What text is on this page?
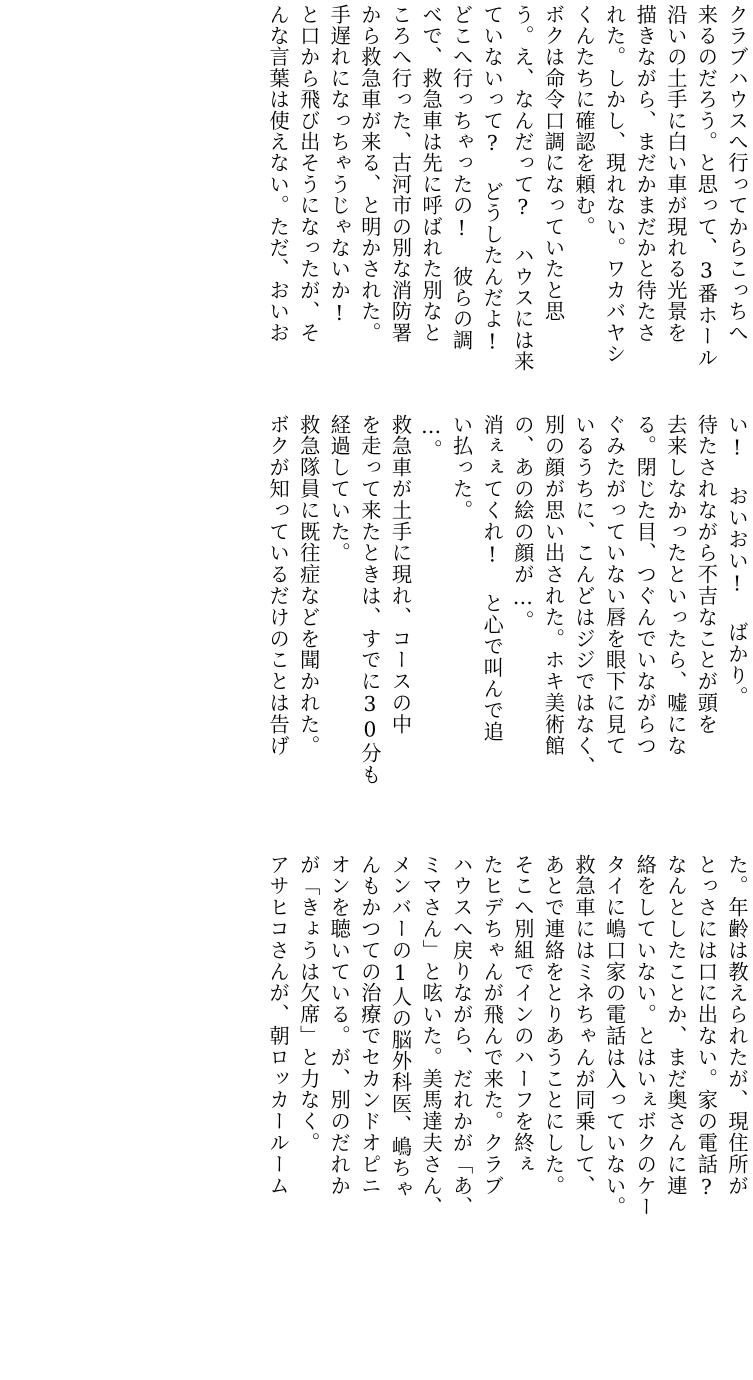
クラブハウスへ行ってからこっちへ
来るのだろう。と思って、3番ホール
沿いの土手に白い車が現れる光景を
描きながら、まだかまだかと待たさ
れた。しかし、現れない。ワカバヤシ
くんたちに確認を頼む。
ボクは命令口調になっていたと思
う。え、なんだって? ハウスには来
ていないって? どうしたんだよ!
どこへ行っちゃったの! 彼らの調
べで、救急車は先に呼ばれた別なと
ころへ行った、古河市の別な消防署
から救急車が来る、と明かされた。
手遅れになっちゃうじゃないか!
と口から飛び出そうになったが、そ
んな言葉は使えない。ただ、おいお
い! おいおい! ばかり。
待たされながら不吉なことが頭を
去来しなかったといったら、嘘にな
る。閉じた目、つぐんでいながらつ
ぐみたがっていない唇を眼下に見て
いるうちに、こんどはジジではなく、
別の顔が思い出された。ホキ美術館
の、あの絵の顔が…。
消ぇぇてくれ! と心で叫んで追
い払った。
…。
救急車が土手に現れ、コースの中
を走って来たときは、すでに30分も
経過していた。
救急隊員に既往症などを聞かれた。
ボクが知っているだけのことは告げ
た。年齢は教えられたが、現住所が
とっさには口に出ない。家の電話?
なんとしたことか、まだ奥さんに連
絡をしていない。とはいぇボクのケー
タイに嶋口家の電話は入っていない。
救急車にはミネちゃんが同乗して、
あとで連絡をとりあうことにした。
そこへ別組でインのハーフを終ぇ
たヒデちゃんが飛んで来た。クラブ
ハウスへ戻りながら、だれかが「あ、
ミマさん」と呟いた。美馬達夫さん、
メンバーの1人の脳外科医、嶋ちゃ
んもかつての治療でセカンドオピニ
オンを聴いている。が、別のだれか
が「きょうは欠席」と力なく。
アサヒコさんが、朝ロッカールーム
